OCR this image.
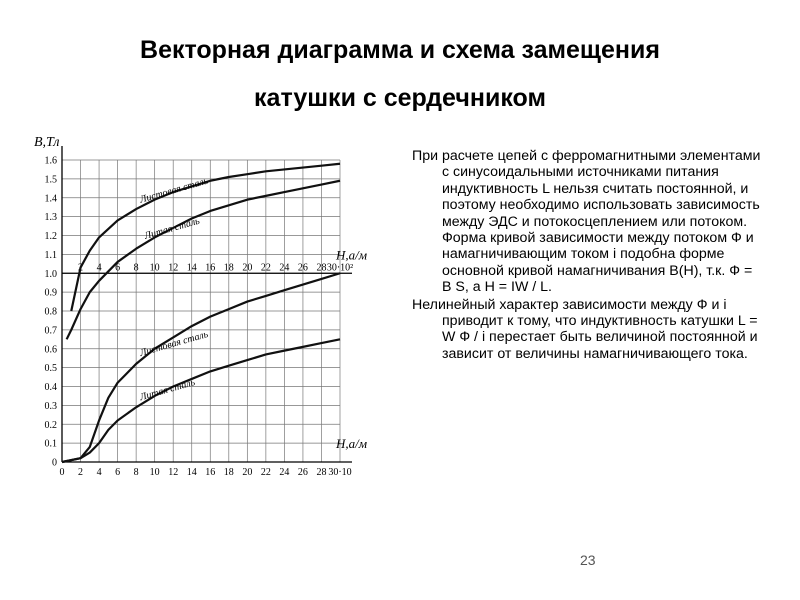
Векторная диаграмма и схема замещения
катушки с сердечником
0
0.1
0.2
0.3
0.4
0.5
0.6
0.7
0.8
0.9
1.0
1.1
1.2
1.3
1.4
1.5
1.6
2 4 6 8 10 12 14 16 18 20 22 24 26 28 30·10²
H,а/м
0 2 4 6 8 10 12 14 16 18 20 22 24 26 28 30·10
H,а/м
Листовая сталь
Литая сталь
Листовая сталь
Литая сталь
B,Тл

При расчете цепей с ферромагнитными элементами с синусоидальными источниками питания индуктивность L нельзя считать постоянной, и поэтому необходимо использовать зависимость между ЭДС и потокосцеплением или потоком. Форма кривой зависимости между потоком Ф и намагничивающим током i подобна форме основной кривой намагничивания B(H), т.к. Ф = B S, а H = IW / L.

Нелинейный характер зависимости между Ф и i приводит к тому, что индуктивность катушки L = W Ф / i перестает быть величиной постоянной и зависит от величины намагничивающего тока.

23
